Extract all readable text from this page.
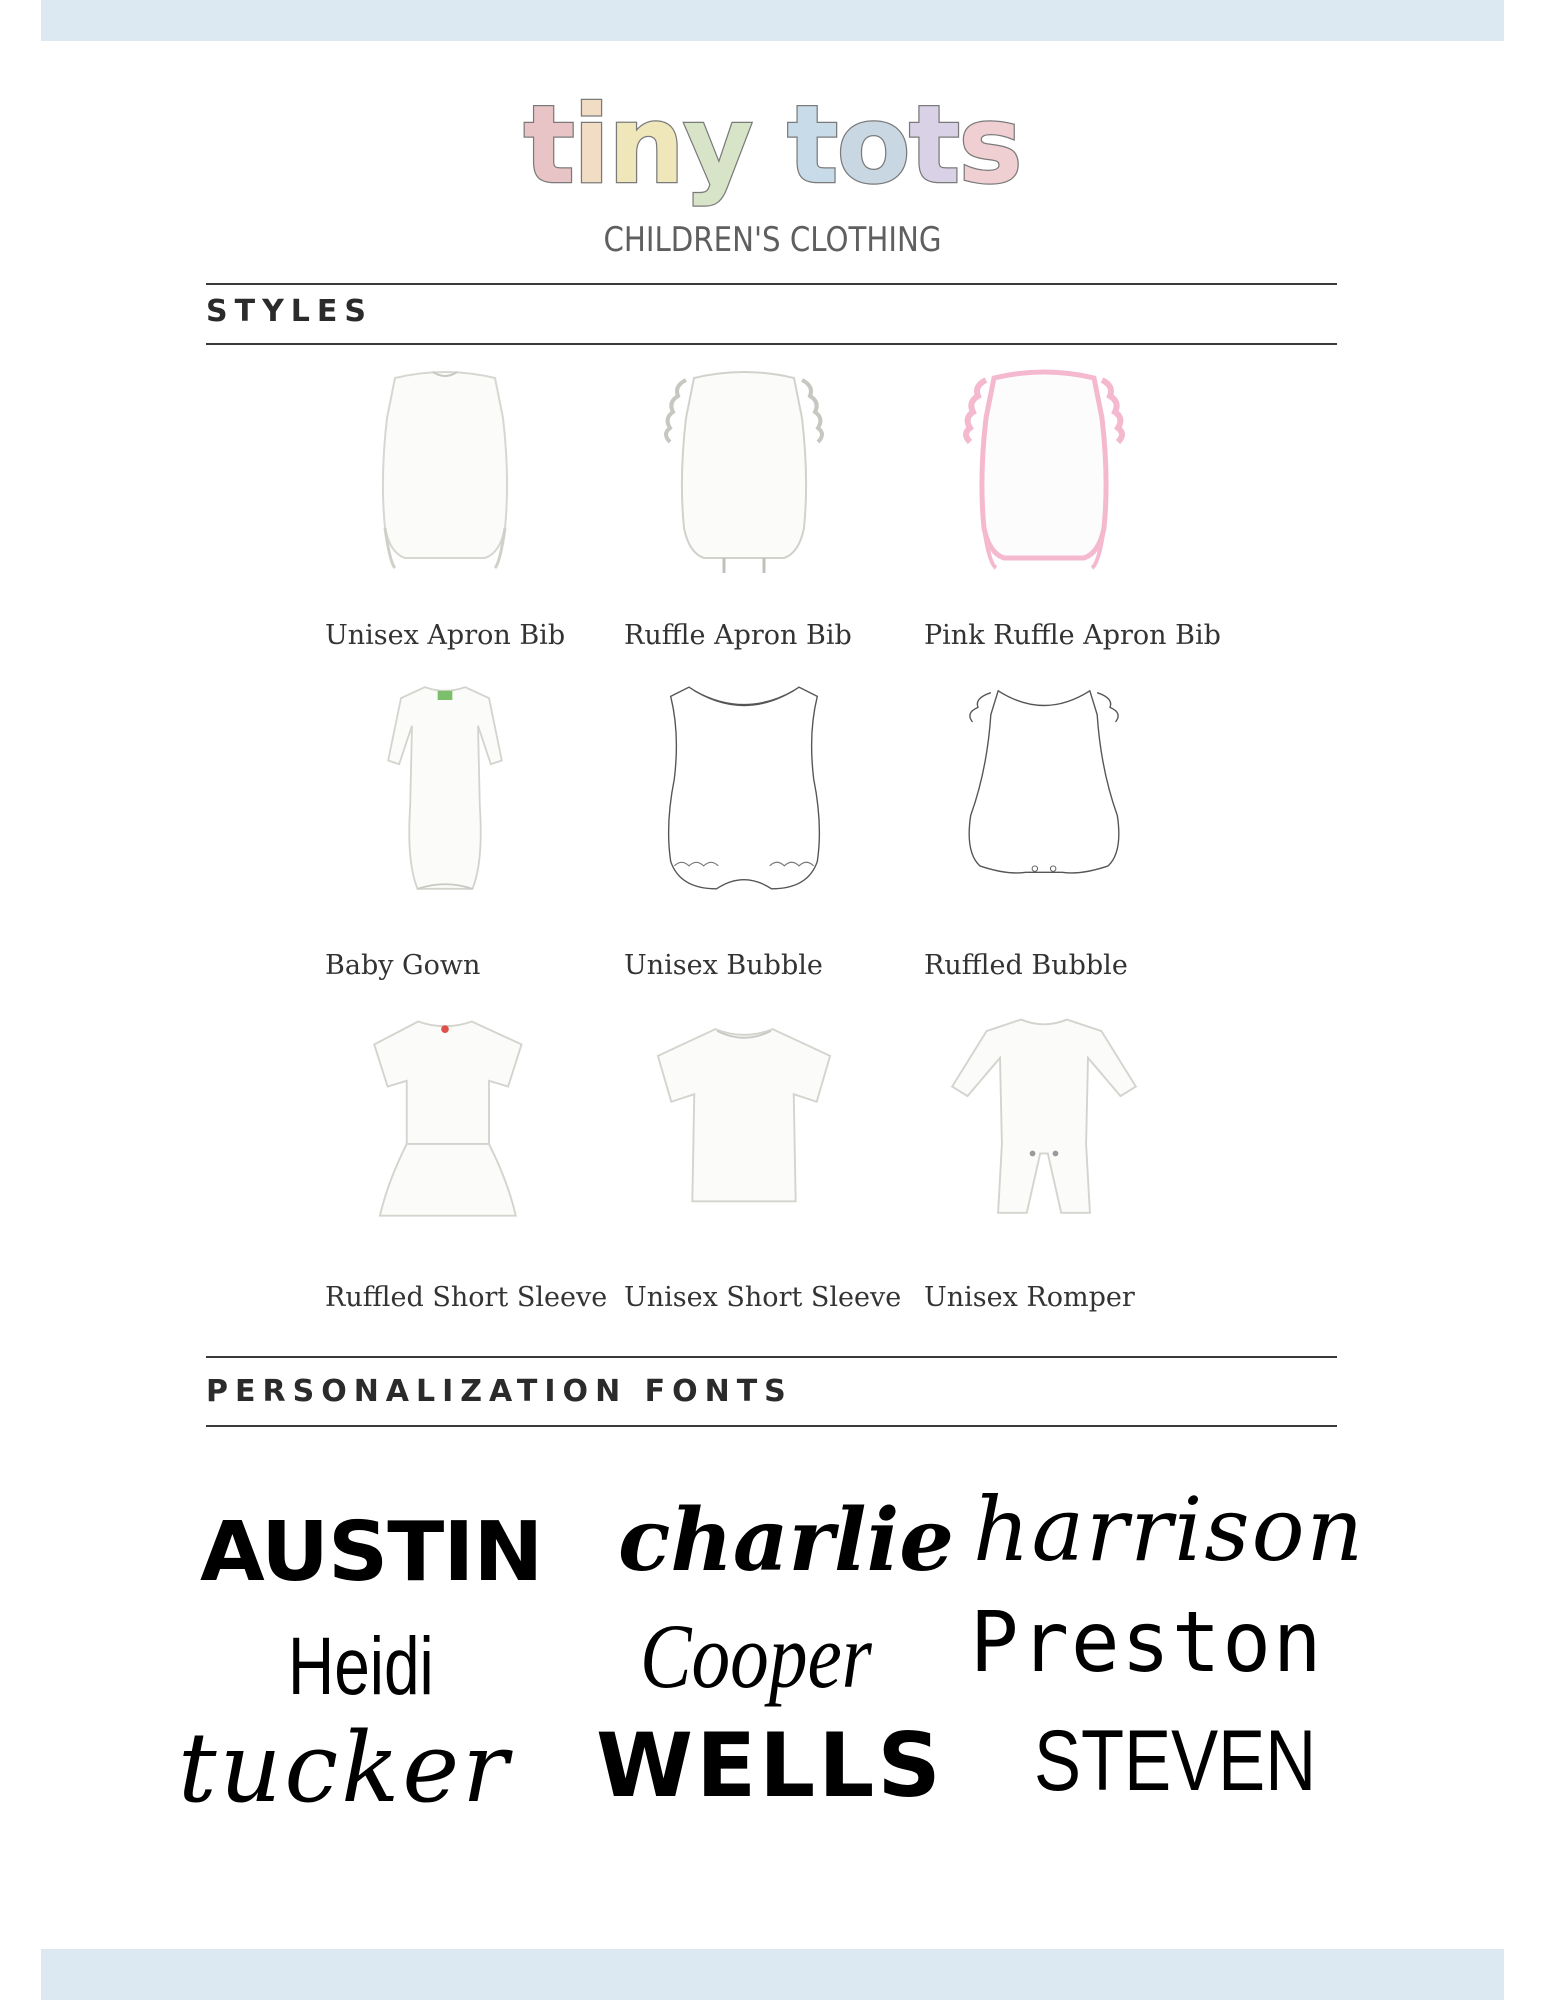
tiny tots
CHILDREN'S CLOTHING
STYLES
Unisex Apron Bib Ruffle Apron Bib	Pink Ruffle Apron Bib
Baby Gown	Unisex Bubble	Ruffled Bubble
Ruffled Short Sleeve Unisex Short Sleeve Unisex Romper
PERSONALIZATION FONTS
AUSTIN charlie harrison
Heidi Cooper Preston
tucker WELLS STEVEN
